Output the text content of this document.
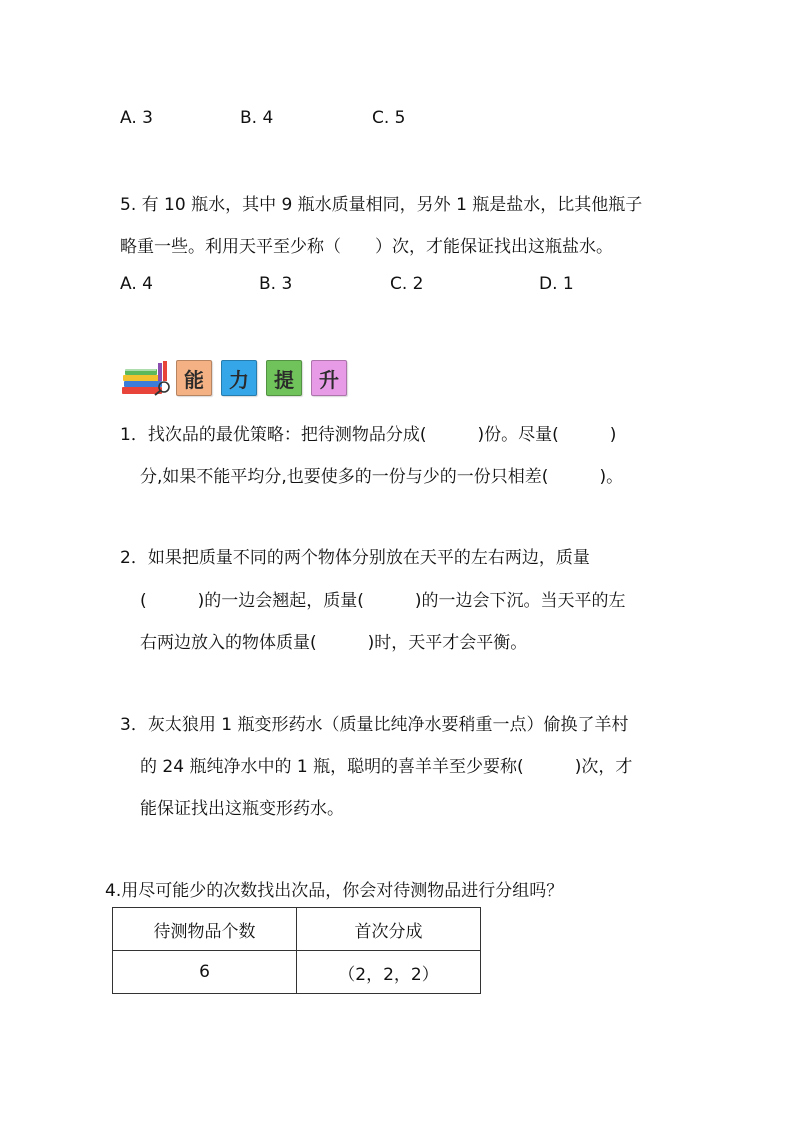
A. 3	B. 4	C. 5
5. 有 10 瓶水，其中 9 瓶水质量相同，另外 1 瓶是盐水，比其他瓶子
略重一些。利用天平至少称（　　）次，才能保证找出这瓶盐水。
A. 4	B. 3	C. 2	D. 1
能	力	提	升
1．找次品的最优策略：把待测物品分成(　　　)份。尽量(　　　)
分,如果不能平均分,也要使多的一份与少的一份只相差(　　　)。
2．如果把质量不同的两个物体分别放在天平的左右两边，质量
(　　　)的一边会翘起，质量(　　　)的一边会下沉。当天平的左
右两边放入的物体质量(　　　)时，天平才会平衡。
3．灰太狼用 1 瓶变形药水（质量比纯净水要稍重一点）偷换了羊村
的 24 瓶纯净水中的 1 瓶，聪明的喜羊羊至少要称(　　　)次，才
能保证找出这瓶变形药水。
4.用尽可能少的次数找出次品，你会对待测物品进行分组吗？
待测物品个数	首次分成
6	（2，2，2）
